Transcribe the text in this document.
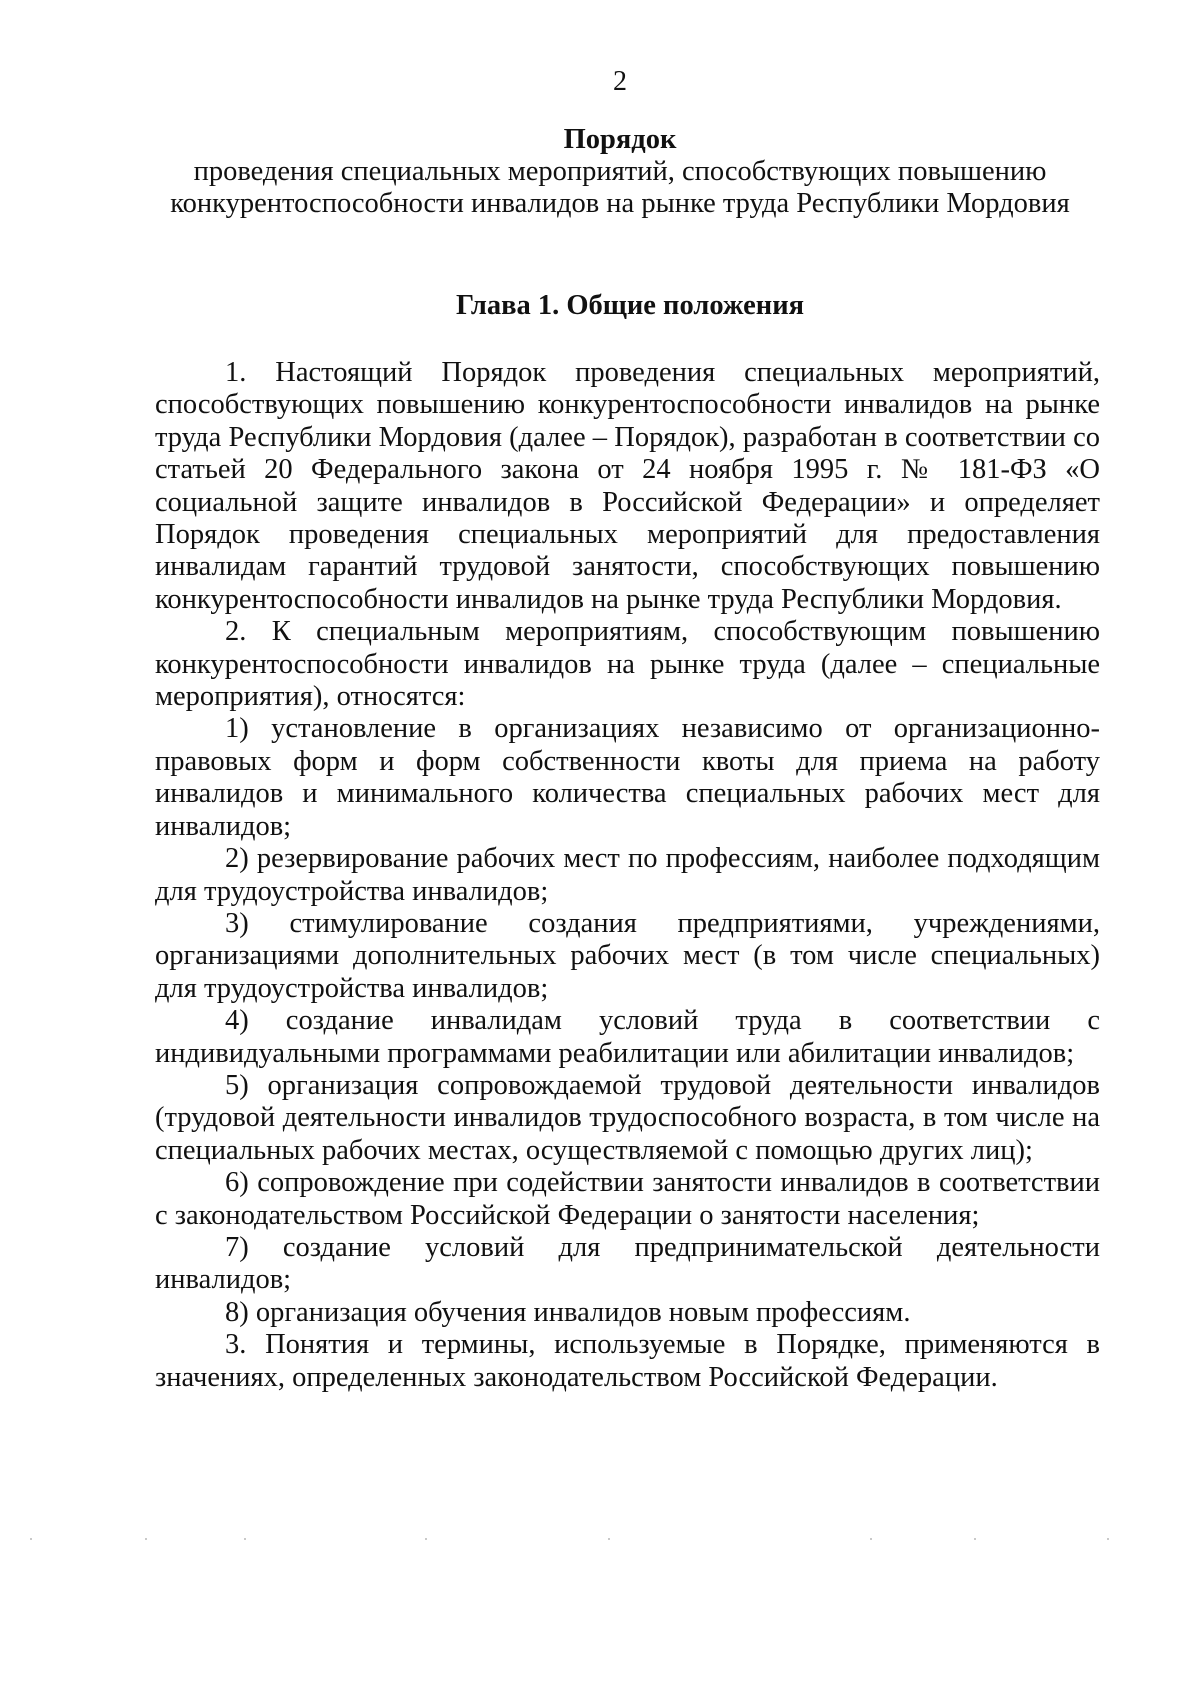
2
Порядок
проведения специальных мероприятий, способствующих повышению конкурентоспособности инвалидов на рынке труда Республики Мордовия
Глава 1. Общие положения

1. Настоящий Порядок проведения специальных мероприятий, способствующих повышению конкурентоспособности инвалидов на рынке труда Республики Мордовия (далее – Порядок), разработан в соответствии со статьей 20 Федерального закона от 24 ноября 1995 г. № 181-ФЗ «О социальной защите инвалидов в Российской Федерации» и определяет Порядок проведения специальных мероприятий для предоставления инвалидам гарантий трудовой занятости, способствующих повышению конкурентоспособности инвалидов на рынке труда Республики Мордовия.

2. К специальным мероприятиям, способствующим повышению конкурентоспособности инвалидов на рынке труда (далее – специальные мероприятия), относятся:

1) установление в организациях независимо от организационно-правовых форм и форм собственности квоты для приема на работу инвалидов и минимального количества специальных рабочих мест для инвалидов;

2) резервирование рабочих мест по профессиям, наиболее подходящим для трудоустройства инвалидов;

3) стимулирование создания предприятиями, учреждениями, организациями дополнительных рабочих мест (в том числе специальных) для трудоустройства инвалидов;

4) создание инвалидам условий труда в соответствии с индивидуальными программами реабилитации или абилитации инвалидов;

5) организация сопровождаемой трудовой деятельности инвалидов (трудовой деятельности инвалидов трудоспособного возраста, в том числе на специальных рабочих местах, осуществляемой с помощью других лиц);

6) сопровождение при содействии занятости инвалидов в соответствии с законодательством Российской Федерации о занятости населения;

7) создание условий для предпринимательской деятельности инвалидов;

8) организация обучения инвалидов новым профессиям.

3. Понятия и термины, используемые в Порядке, применяются в значениях, определенных законодательством Российской Федерации.
